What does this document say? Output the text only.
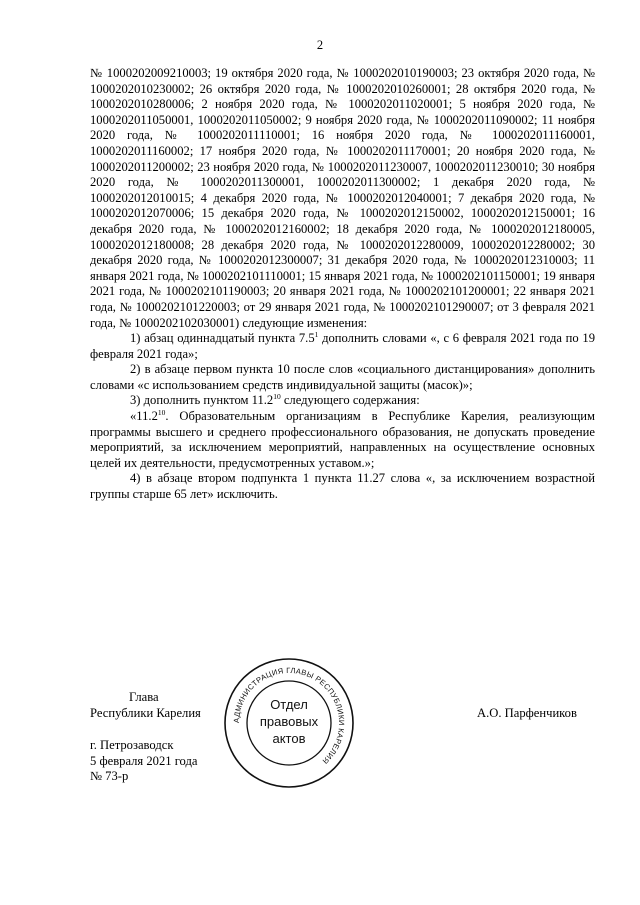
2

№ 1000202009210003; 19 октября 2020 года, № 1000202010190003; 23 октября 2020 года, № 1000202010230002; 26 октября 2020 года, № 1000202010260001; 28 октября 2020 года, № 1000202010280006; 2 ноября 2020 года, № 1000202011020001; 5 ноября 2020 года, № 1000202011050001, 1000202011050002; 9 ноября 2020 года, № 1000202011090002; 11 ноября 2020 года, № 1000202011110001; 16 ноября 2020 года, № 1000202011160001, 1000202011160002; 17 ноября 2020 года, № 1000202011170001; 20 ноября 2020 года, № 1000202011200002; 23 ноября 2020 года, № 1000202011230007, 1000202011230010; 30 ноября 2020 года, № 1000202011300001, 1000202011300002; 1 декабря 2020 года, № 1000202012010015; 4 декабря 2020 года, № 1000202012040001; 7 декабря 2020 года, № 1000202012070006; 15 декабря 2020 года, № 1000202012150002, 1000202012150001; 16 декабря 2020 года, № 1000202012160002; 18 декабря 2020 года, № 1000202012180005, 1000202012180008; 28 декабря 2020 года, № 1000202012280009, 1000202012280002; 30 декабря 2020 года, № 1000202012300007; 31 декабря 2020 года, № 1000202012310003; 11 января 2021 года, № 1000202101110001; 15 января 2021 года, № 1000202101150001; 19 января 2021 года, № 1000202101190003; 20 января 2021 года, № 1000202101200001; 22 января 2021 года, № 1000202101220003; от 29 января 2021 года, № 1000202101290007; от 3 февраля 2021 года, № 1000202102030001) следующие изменения:

1) абзац одиннадцатый пункта $7.5^1$ дополнить словами «, с 6 февраля 2021 года по 19 февраля 2021 года»;

2) в абзаце первом пункта 10 после слов «социального дистанцирования» дополнить словами «с использованием средств индивидуальной защиты (масок)»;

3) дополнить пунктом 11.2$^{10}$ следующего содержания:

«11.2$^{10}$. Образовательным организациям в Республике Карелия, реализующим программы высшего и среднего профессионального образования, не допускать проведение мероприятий, за исключением мероприятий, направленных на осуществление основных целей их деятельности, предусмотренных уставом.»;

4) в абзаце втором подпункта 1 пункта 11.27 слова «, за исключением возрастной группы старше 65 лет» исключить.

Глава
Республики Карелия	А.О. Парфенчиков
АДМИНИСТРАЦИЯ ГЛАВЫ РЕСПУБЛИКИ КАРЕЛИЯ
Отдел
правовых
актов
г. Петрозаводск
5 февраля 2021 года
№ 73-р
